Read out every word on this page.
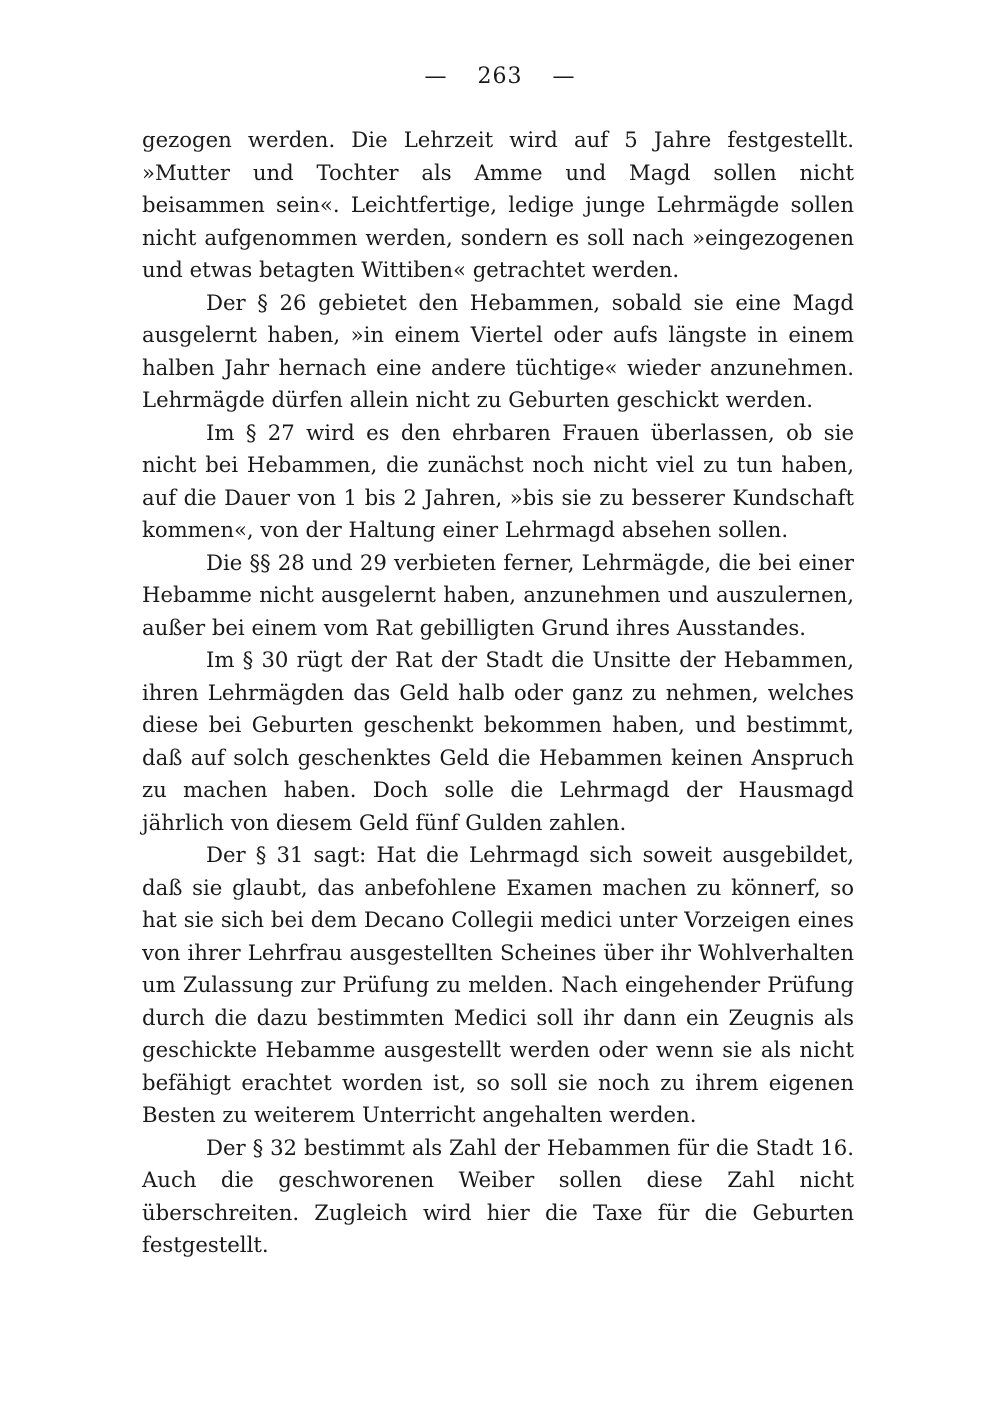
— 263 —

gezogen werden. Die Lehrzeit wird auf 5 Jahre festgestellt. »Mutter und Tochter als Amme und Magd sollen nicht beisammen sein«. Leichtfertige, ledige junge Lehrmägde sollen nicht aufgenommen werden, sondern es soll nach »eingezogenen und etwas betagten Wittiben« getrachtet werden.

Der § 26 gebietet den Hebammen, sobald sie eine Magd ausgelernt haben, »in einem Viertel oder aufs längste in einem halben Jahr hernach eine andere tüchtige« wieder anzunehmen. Lehrmägde dürfen allein nicht zu Geburten geschickt werden.

Im § 27 wird es den ehrbaren Frauen überlassen, ob sie nicht bei Hebammen, die zunächst noch nicht viel zu tun haben, auf die Dauer von 1 bis 2 Jahren, »bis sie zu besserer Kundschaft kommen«, von der Haltung einer Lehrmagd absehen sollen.

Die §§ 28 und 29 verbieten ferner, Lehrmägde, die bei einer Hebamme nicht ausgelernt haben, anzunehmen und auszulernen, außer bei einem vom Rat gebilligten Grund ihres Ausstandes.

Im § 30 rügt der Rat der Stadt die Unsitte der Hebammen, ihren Lehrmägden das Geld halb oder ganz zu nehmen, welches diese bei Geburten geschenkt bekommen haben, und bestimmt, daß auf solch geschenktes Geld die Hebammen keinen Anspruch zu machen haben. Doch solle die Lehrmagd der Hausmagd jährlich von diesem Geld fünf Gulden zahlen.

Der § 31 sagt: Hat die Lehrmagd sich soweit ausgebildet, daß sie glaubt, das anbefohlene Examen machen zu könnerf, so hat sie sich bei dem Decano Collegii medici unter Vorzeigen eines von ihrer Lehrfrau ausgestellten Scheines über ihr Wohlverhalten um Zulassung zur Prüfung zu melden. Nach eingehender Prüfung durch die dazu bestimmten Medici soll ihr dann ein Zeugnis als geschickte Hebamme ausgestellt werden oder wenn sie als nicht befähigt erachtet worden ist, so soll sie noch zu ihrem eigenen Besten zu weiterem Unterricht angehalten werden.

Der § 32 bestimmt als Zahl der Hebammen für die Stadt 16. Auch die geschworenen Weiber sollen diese Zahl nicht überschreiten. Zugleich wird hier die Taxe für die Geburten festgestellt.
